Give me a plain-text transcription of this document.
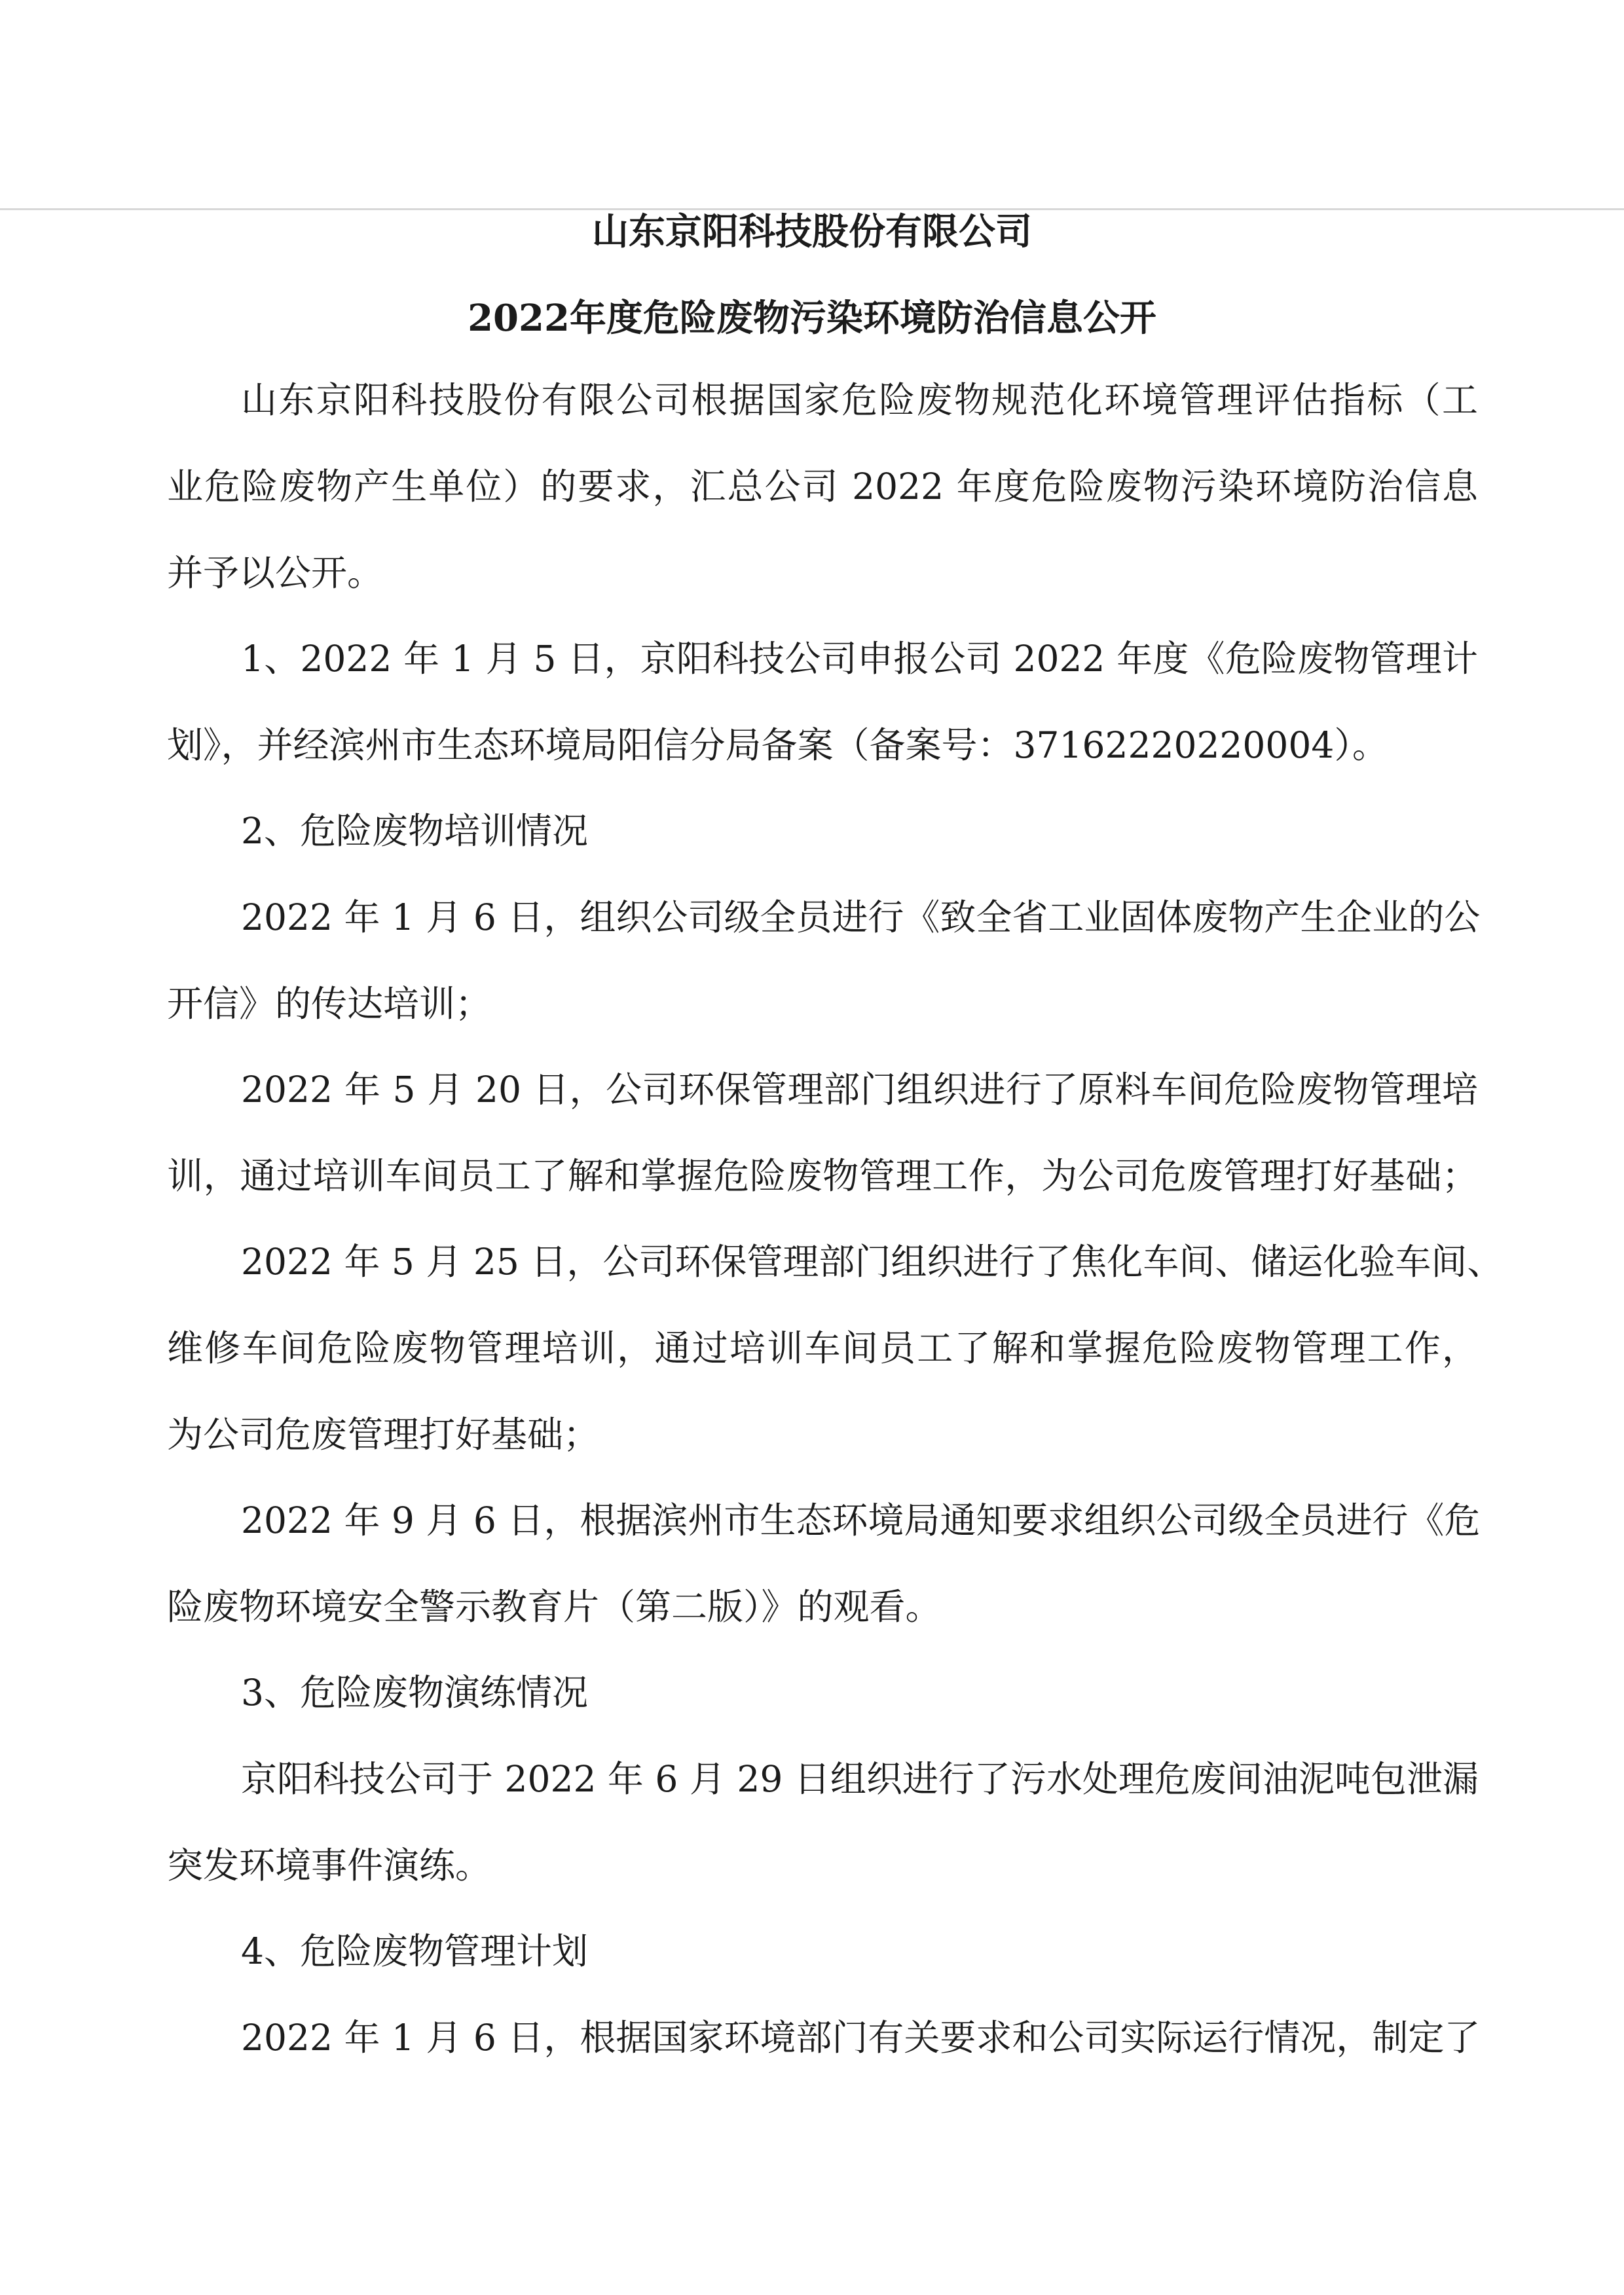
山东京阳科技股份有限公司
2022年度危险废物污染环境防治信息公开
山东京阳科技股份有限公司根据国家危险废物规范化环境管理评估指标（工
业危险废物产生单位）的要求，汇总公司 2022 年度危险废物污染环境防治信息
并予以公开。
1、2022 年 1 月 5 日，京阳科技公司申报公司 2022 年度《危险废物管理计
划》，并经滨州市生态环境局阳信分局备案（备案号：37162220220004）。
2、危险废物培训情况
2022 年 1 月 6 日，组织公司级全员进行《致全省工业固体废物产生企业的公
开信》的传达培训；
2022 年 5 月 20 日，公司环保管理部门组织进行了原料车间危险废物管理培
训，通过培训车间员工了解和掌握危险废物管理工作，为公司危废管理打好基础；
2022 年 5 月 25 日，公司环保管理部门组织进行了焦化车间、储运化验车间、
维修车间危险废物管理培训，通过培训车间员工了解和掌握危险废物管理工作，
为公司危废管理打好基础；
2022 年 9 月 6 日，根据滨州市生态环境局通知要求组织公司级全员进行《危
险废物环境安全警示教育片（第二版）》的观看。
3、危险废物演练情况
京阳科技公司于 2022 年 6 月 29 日组织进行了污水处理危废间油泥吨包泄漏
突发环境事件演练。
4、危险废物管理计划
2022 年 1 月 6 日，根据国家环境部门有关要求和公司实际运行情况，制定了
